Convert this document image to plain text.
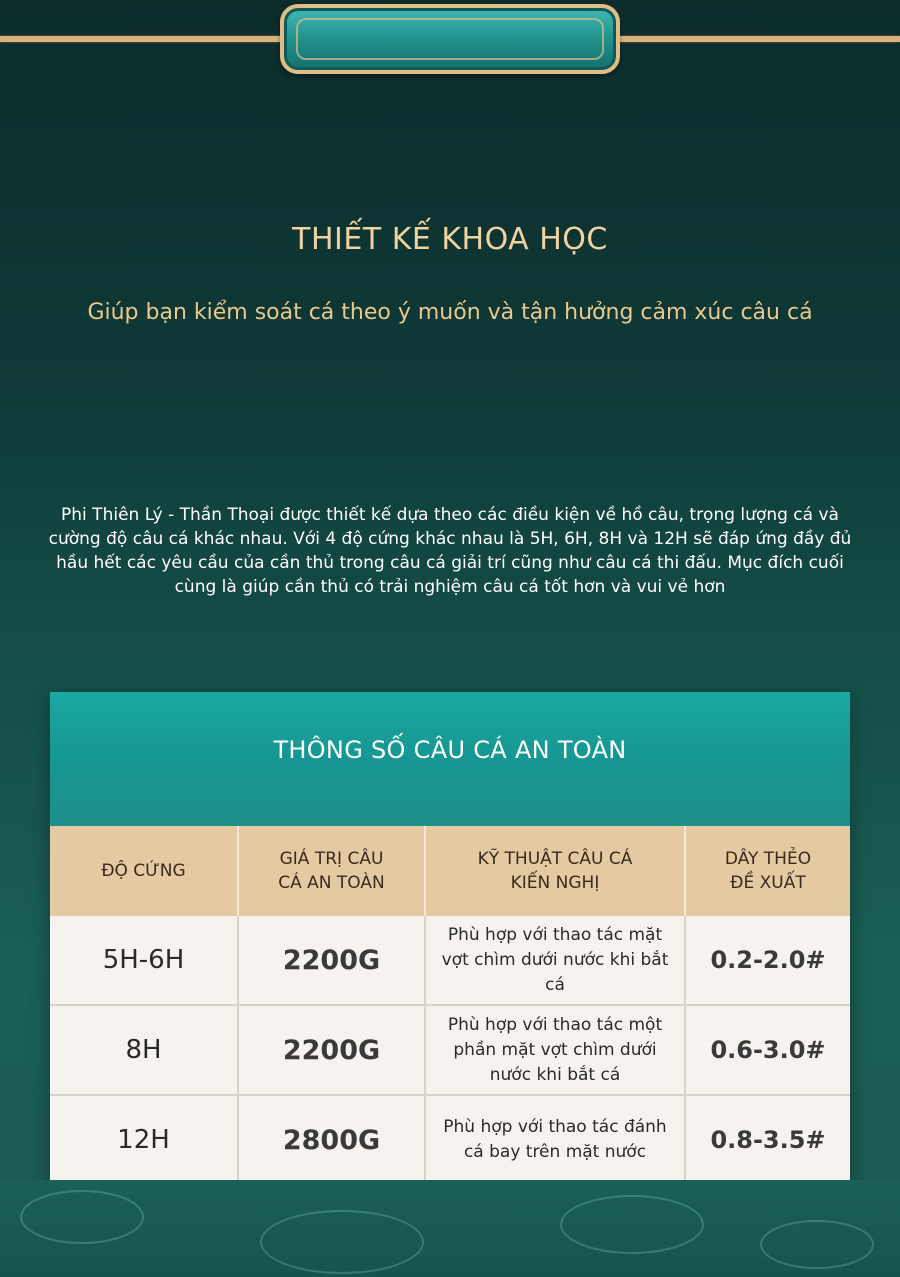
THIẾT KẾ KHOA HỌC
Giúp bạn kiểm soát cá theo ý muốn và tận hưởng cảm xúc câu cá
Phi Thiên Lý - Thần Thoại được thiết kế dựa theo các điều kiện về hồ câu, trọng lượng cá và cường độ câu cá khác nhau. Với 4 độ cứng khác nhau là 5H, 6H, 8H và 12H sẽ đáp ứng đầy đủ hầu hết các yêu cầu của cần thủ trong câu cá giải trí cũng như câu cá thi đấu. Mục đích cuối cùng là giúp cần thủ có trải nghiệm câu cá tốt hơn và vui vẻ hơn
THÔNG SỐ CÂU CÁ AN TOÀN
ĐỘ CỨNG	GIÁ TRỊ CÂU CÁ AN TOÀN	KỸ THUẬT CÂU CÁ KIẾN NGHỊ	DÂY THẺO ĐỀ XUẤT
5H-6H	2200G	Phù hợp với thao tác mặt vợt chìm dưới nước khi bắt cá	0.2-2.0#
8H	2200G	Phù hợp với thao tác một phần mặt vợt chìm dưới nước khi bắt cá	0.6-3.0#
12H	2800G	Phù hợp với thao tác đánh cá bay trên mặt nước	0.8-3.5#
